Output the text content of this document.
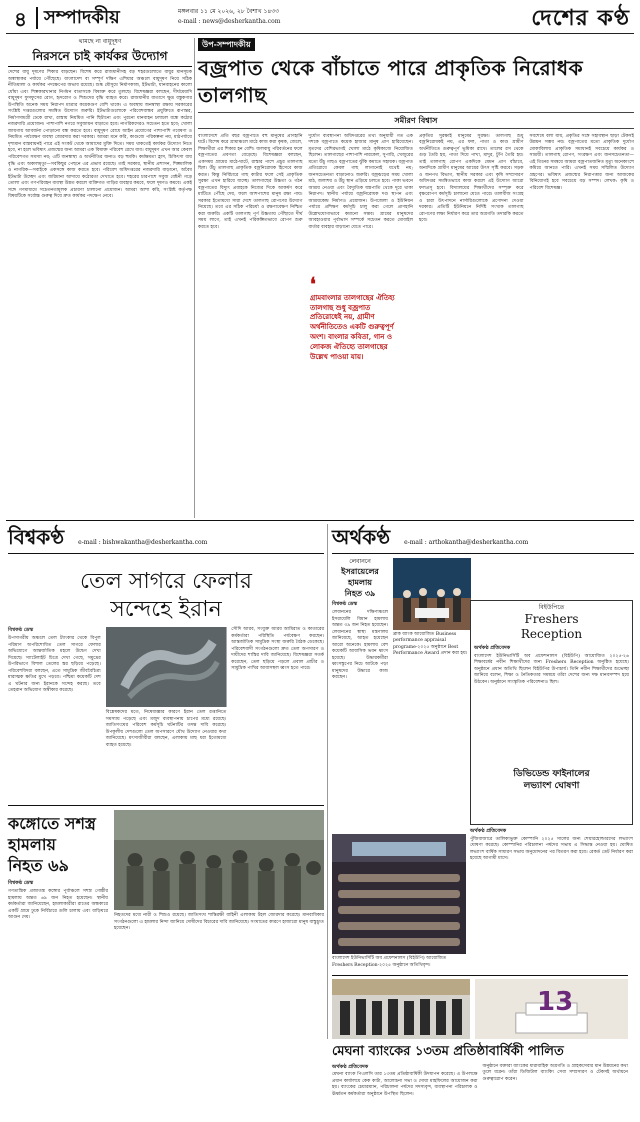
৪ সম্পাদকীয়	মঙ্গলবার ১১ মে ২০২৬, ২৮ বৈশাখ ১৪৩৩
e-mail : news@desherkantha.com	দেশের কণ্ঠ
থামছে না বায়ুদূষণ
নিরসনে চাই কার্যকর উদ্যোগ
দেশের বায়ু দূষণের শিকার বাড়ছেন। বিশেষ করে রাজধানীসহ বড় শহরগুলোতে বায়ুর মানসূচক অস্বাস্থ্যকর পর্যায়ে পৌঁছেছে। বাংলাদেশ বা সম্পূর্ণ দক্ষিণ এশিয়ার অঞ্চলে বায়ুদূষণ নিয়ে সঠিক নীতিমালা ও কার্যকর পদক্ষেপের অভাব রয়েছে। শুষ্ক মৌসুমে নির্মাণকাজ, ইটভাটা, যানবাহনের কালো ধোঁয়া এবং শিল্পকারখানার নির্গমন বাতাসকে বিষাক্ত করে তুলছে। বিশেষজ্ঞরা বলছেন, দীর্ঘমেয়াদি বায়ুদূষণ ফুসফুসের রোগ, হৃদরোগ ও শিশুদের বৃদ্ধি ব্যাহত করে। রাজধানীর বাতাসে ক্ষুদ্র বস্তুকণার উপস্থিতি অনেক সময় নিরাপদ মাত্রার কয়েকগুণ বেশি থাকে। এ অবস্থায় জনস্বাস্থ্য রক্ষায় সরকারের সংশ্লিষ্ট দপ্তরগুলোর সমন্বিত উদ্যোগ জরুরি। ইটভাটাগুলোকে পরিবেশবান্ধব প্রযুক্তিতে রূপান্তর, নির্মাণসামগ্রী ঢেকে রাখা, রাস্তায় নিয়মিত পানি ছিটানো এবং পুরনো যানবাহন চলাচল বন্ধে কঠোর নজরদারি প্রয়োজন। পাশাপাশি নগরে সবুজায়ন বাড়াতে হবে। নাগরিকদেরও সচেতন হতে হবে; খোলা জায়গায় আবর্জনা পোড়ানো বন্ধ করতে হবে। বায়ুদূষণ রোধে আইন প্রয়োগের পাশাপাশি গবেষণা ও নিয়মিত পর্যবেক্ষণ ব্যবস্থা জোরদার করা দরকার। আমরা মনে করি, কাগুজে পরিকল্পনা নয়, মাঠপর্যায়ে দৃশ্যমান বাস্তবায়নই পারে এই সংকট থেকে আমাদের মুক্তি দিতে। সময় থাকতেই কার্যকর উদ্যোগ নিতে হবে, না হলে ভবিষ্যৎ প্রজন্মের জন্য আমরা এক বিষাক্ত পরিবেশ রেখে যাব। বায়ুদূষণ এখন আর কেবল পরিবেশগত সমস্যা নয়; এটি জনস্বাস্থ্য ও অর্থনীতির জন্যও বড় হুমকি। কর্মক্ষমতা হ্রাস, চিকিৎসা ব্যয় বৃদ্ধি এবং অকালমৃত্যু—সবকিছুর পেছনে এর প্রভাব রয়েছে। তাই সরকার, স্থানীয় প্রশাসন, শিল্পমালিক ও নাগরিক—সবাইকে একসঙ্গে কাজ করতে হবে। পরিবেশ অধিদপ্তরের নজরদারি বাড়ানো, অবৈধ ইটভাটা উচ্ছেদ এবং জরিমানা আদায়ে কঠোরতা দেখাতে হবে। শহরের চারপাশে সবুজ বেষ্টনী গড়ে তোলা এবং গণপরিবহন ব্যবস্থা উন্নত করলে ব্যক্তিগত গাড়ির ব্যবহার কমবে, ফলে দূষণও কমবে। একই সঙ্গে গণমাধ্যমে সচেতনতামূলক প্রচারণা চালানো প্রয়োজন। আমরা আশা করি, সংশ্লিষ্ট কর্তৃপক্ষ বিষয়টিকে সর্বোচ্চ গুরুত্ব দিয়ে দ্রুত কার্যকর পদক্ষেপ নেবে।
উপ-সম্পাদকীয়
বজ্রপাত থেকে বাঁচাতে পারে প্রাকৃতিক নিরোধক তালগাছ
সমীরণ বিশ্বাস
বাংলাদেশে প্রতি বছর বজ্রপাতে বহু মানুষের প্রাণহানি ঘটে। বিশেষ করে গ্রামাঞ্চলে মাঠে কাজ করা কৃষক, জেলে, শিক্ষার্থীরা এর শিকার হন বেশি। জলবায়ু পরিবর্তনের ফলে বজ্রপাতের প্রবণতা বেড়েছে। বিশেষজ্ঞরা বলছেন, একসময় গ্রামের মাঠে-ঘাটে, রাস্তার পাশে প্রচুর তালগাছ ছিল। উঁচু তালগাছ প্রাকৃতিক বজ্রনিরোধক হিসেবে কাজ করত। কিন্তু নির্বিচারে গাছ কাটার ফলে সেই প্রাকৃতিক সুরক্ষা এখন হারিয়ে যাচ্ছে। তালগাছের উচ্চতা ও গঠন বজ্রপাতের বিদ্যুৎ প্রবাহকে নিজের দিকে আকর্ষণ করে মাটিতে পৌঁছে দেয়, ফলে আশপাশের মানুষ রক্ষা পায়। সরকার ইতোমধ্যে সারা দেশে তালগাছ রোপণের উদ্যোগ নিয়েছে। তবে এর সঠিক পরিচর্যা ও রক্ষণাবেক্ষণ নিশ্চিত করা জরুরি। একটি তালগাছ পূর্ণ উচ্চতায় পৌঁছাতে দীর্ঘ সময় লাগে, তাই এখনই পরিকল্পিতভাবে রোপণ শুরু করতে হবে।
দুর্যোগ ব্যবস্থাপনা অধিদপ্তরের তথ্য অনুযায়ী গত এক দশকে বজ্রপাতে কয়েক হাজার মানুষ প্রাণ হারিয়েছেন। মৃতদের বেশিরভাগই খোলা মাঠে কৃষিকাজে নিয়োজিত ছিলেন। তালগাছের পাশাপাশি নারকেল, সুপারি, খেজুরের মতো উঁচু গাছও বজ্রপাতের ঝুঁকি কমাতে সহায়ক। বজ্রপাত প্রতিরোধে কেবল গাছ লাগানোই যথেষ্ট নয়; জনসচেতনতা বাড়ানোও জরুরি। বজ্রঝড়ের সময় খোলা মাঠ, জলাশয় ও উঁচু স্থান এড়িয়ে চলতে হবে। পাকা ভবনে আশ্রয় নেওয়া এবং বৈদ্যুতিক যন্ত্রপাতি থেকে দূরে থাকা নিরাপদ। স্থানীয় পর্যায়ে বজ্রনিরোধক দণ্ড স্থাপন এবং আশ্রয়কেন্দ্র নির্মাণও প্রয়োজন। উপজেলা ও ইউনিয়ন পর্যায়ে প্রশিক্ষণ কর্মসূচি চালু করা গেলে প্রাণহানি উল্লেখযোগ্যভাবে কমানো সম্ভব। গ্রামের মানুষদের আবহাওয়ার পূর্বাভাস সম্পর্কে সচেতন করতে মোবাইল বার্তার ব্যবহার বাড়ানো যেতে পারে।
প্রকৃতির সুরক্ষাই মানুষের সুরক্ষা। তালগাছ শুধু বজ্রনিরোধকই নয়, এর ফল, পাতা ও কাণ্ড গ্রামীণ অর্থনীতিতে গুরুত্বপূর্ণ ভূমিকা রাখে। তালের রস থেকে গুড় তৈরি হয়, পাতা দিয়ে পাখা, মাদুর, টুপি তৈরি হয়। তাই তালগাছ রোপণ একদিকে যেমন প্রাণ বাঁচাবে, অন্যদিকে গ্রামীণ মানুষের আয়ের উৎস সৃষ্টি করবে। সড়ক ও জনপথ বিভাগ, স্থানীয় সরকার এবং কৃষি সম্প্রসারণ অধিদপ্তর সমন্বিতভাবে কাজ করলে এই উদ্যোগ আরো ফলপ্রসূ হবে। বিদ্যালয়ের শিক্ষার্থীদের সম্পৃক্ত করে বৃক্ষরোপণ কর্মসূচি চালানো যেতে পারে। তালবীজ সংগ্রহ ও চারা উৎপাদনে নার্সারিগুলোকে প্রণোদনা দেওয়া দরকার। প্রতিটি ইউনিয়নে নির্দিষ্ট সংখ্যক তালগাছ রোপণের লক্ষ্য নির্ধারণ করে তার অগ্রগতি তদারকি করতে হবে।
সবশেষে বলা যায়, প্রকৃতির সঙ্গে সহাবস্থান ছাড়া টেকসই উন্নয়ন সম্ভব নয়। বজ্রপাতের মতো প্রাকৃতিক দুর্যোগ মোকাবিলায় প্রাকৃতিক সমাধানই সবচেয়ে কার্যকর ও সাশ্রয়ী। তালগাছ রোপণ, সংরক্ষণ এবং জনসচেতনতা—এই তিনের সমন্বয়ে আমরা বজ্রপাতজনিত মৃত্যু অনেকাংশে কমিয়ে আনতে পারি। এখনই সময় সম্মিলিত উদ্যোগ গ্রহণের। ভবিষ্যৎ প্রজন্মের নিরাপত্তার জন্য আজকের বিনিয়োগই হবে সবচেয়ে বড় সম্পদ। লেখক: কৃষি ও পরিবেশ বিশেষজ্ঞ।
❛
গ্রামবাংলার তালগাছের ঐতিহ্য তালগাছ শুধু বজ্রপাত প্রতিরোধেই নয়, গ্রামীণ অর্থনীতিতেও একটি গুরুত্বপূর্ণ অংশ। বাংলার কবিতা, গান ও লোকজ ঐতিহ্যে তালগাছের উল্লেখ পাওয়া যায়।
বিশ্বকণ্ঠ e-mail : bishwakantha@desherkantha.com
তেল সাগরে ফেলার
সন্দেহে ইরান
বিশ্বকণ্ঠ ডেস্ক
উপসাগরীয় অঞ্চলে তেল ট্যাংকার থেকে বিপুল পরিমাণ অপরিশোধিত তেল সাগরে ফেলার অভিযোগে আন্তর্জাতিক মহলে উদ্বেগ দেখা দিয়েছে। স্যাটেলাইট চিত্রে দেখা গেছে, সমুদ্রের উপরিভাগে বিশাল তেলের স্তর ছড়িয়ে পড়েছে। পরিবেশবিদরা বলছেন, এতে সামুদ্রিক জীববৈচিত্র্য মারাত্মক ক্ষতির মুখে পড়বে। পশ্চিমা কয়েকটি দেশ এ ঘটনার জন্য ইরানকে সন্দেহ করছে। তবে তেহরান অভিযোগ অস্বীকার করেছে।
বিশ্লেষকদের মতে, নিষেধাজ্ঞার কারণে ইরান তেল রপ্তানিতে সমস্যায় পড়েছে এবং মজুদ ব্যবস্থাপনায় চাপের মধ্যে রয়েছে। জাতিসংঘের পরিবেশ কর্মসূচি ঘটনাটির তদন্ত দাবি করেছে। উপকূলীয় দেশগুলো তেল অপসারণে যৌথ উদ্যোগ নেওয়ার কথা জানিয়েছে। মৎস্যজীবীরা বলছেন, এলাকায় মাছ ধরা ইতোমধ্যে ব্যাহত হয়েছে।
সৌদি আরব, সংযুক্ত আরব আমিরাত ও কাতারের কর্মকর্তারা পরিস্থিতি পর্যবেক্ষণ করছেন। আন্তর্জাতিক সামুদ্রিক সংস্থা জরুরি বৈঠক ডেকেছে। পরিবেশবাদী সংগঠনগুলো দ্রুত তেল অপসারণ ও দায়ীদের শাস্তির দাবি জানিয়েছে। বিশেষজ্ঞরা সতর্ক করেছেন, তেল ছড়িয়ে পড়লে প্রবাল প্রাচীর ও সামুদ্রিক পাখির আবাসস্থল ধ্বংস হতে পারে।
কঙ্গোতে সশস্ত্র
হামলায়
নিহত ৬৯
বিশ্বকণ্ঠ ডেস্ক
গণতান্ত্রিক প্রজাতন্ত্র কঙ্গোর পূর্বাঞ্চলে সশস্ত্র গোষ্ঠীর হামলায় অন্তত ৬৯ জন নিহত হয়েছেন। স্থানীয় কর্মকর্তারা জানিয়েছেন, হামলাকারীরা রাতের অন্ধকারে একটি গ্রামে ঢুকে নির্বিচারে গুলি চালায় এবং বাড়িঘরে আগুন দেয়।	নিহতদের মধ্যে নারী ও শিশুও রয়েছে। জাতিসংঘ শান্তিরক্ষী বাহিনী এলাকায় টহল জোরদার করেছে। মানবাধিকার সংগঠনগুলো এ হামলার নিন্দা জানিয়ে দোষীদের বিচারের দাবি জানিয়েছে। সংঘাতের কারণে হাজারো মানুষ বাস্তুচ্যুত হয়েছেন।
অর্থকণ্ঠ e-mail : arthokantha@desherkantha.com
লেবাননে
ইসরায়েলের হামলায়
নিহত ৩৯
বিশ্বকণ্ঠ ডেস্ক
লেবাননের দক্ষিণাঞ্চলে ইসরায়েলি বিমান হামলায় অন্তত ৩৯ জন নিহত হয়েছেন। লেবাননের স্বাস্থ্য মন্ত্রণালয় জানিয়েছে, আহত হয়েছেন আরো অনেকে। হামলায় বেশ কয়েকটি আবাসিক ভবন ধ্বংস হয়েছে। উদ্ধারকর্মীরা ধ্বংসস্তূপের নিচে আটকে পড়া মানুষদের উদ্ধারে কাজ করছেন।
ব্রাক ব্যাংক আয়োজিত Business performance appraisal programe-২০২৫ অনুষ্ঠানে Best Performance Award প্রদান করা হয়।
বাংলাদেশ ইউনিভার্সিটি অব প্রফেশনালস (বিইউপি) আয়োজিত Freshers Reception-২০২৫ অনুষ্ঠানে অতিথিবৃন্দ।
13
মেঘনা ব্যাংকের ১৩তম প্রতিষ্ঠাবার্ষিকী পালিত
অর্থকণ্ঠ প্রতিবেদক
মেঘনা ব্যাংক পিএলসি তার ১৩তম প্রতিষ্ঠাবার্ষিকী উদযাপন করেছে। এ উপলক্ষে প্রধান কার্যালয়ে কেক কাটা, আলোচনা সভা ও দোয়া মাহফিলের আয়োজন করা হয়। ব্যাংকের চেয়ারম্যান, পরিচালনা পর্ষদের সদস্যবৃন্দ, ব্যবস্থাপনা পরিচালক ও ঊর্ধ্বতন কর্মকর্তারা অনুষ্ঠানে উপস্থিত ছিলেন।
অনুষ্ঠানে বক্তারা ব্যাংকের ধারাবাহিক অগ্রগতি ও গ্রাহকসেবার মান উন্নয়নের কথা তুলে ধরেন। তাঁরা ডিজিটাল ব্যাংকিং সেবা সম্প্রসারণ ও টেকসই অর্থায়নে গুরুত্বারোপ করেন।
বিইউপিতে
Freshers
Reception
অর্থকণ্ঠ প্রতিবেদক
বাংলাদেশ ইউনিভার্সিটি অব প্রফেশনালস (বিইউপি) আয়োজিত ২০২৫-২৬ শিক্ষাবর্ষের নবীন শিক্ষার্থীদের জন্য Freshers Reception অনুষ্ঠিত হয়েছে। অনুষ্ঠানে প্রধান অতিথি ছিলেন বিইউপির উপাচার্য। তিনি নবীন শিক্ষার্থীদের শুভেচ্ছা জানিয়ে বলেন, শিক্ষা ও নৈতিকতার সমন্বয়ে তাঁরা দেশের জন্য দক্ষ মানবসম্পদ হয়ে উঠবেন। অনুষ্ঠানে সাংস্কৃতিক পরিবেশনাও ছিল।
ডিভিডেন্ড ফাইনালের
লভ্যাংশ ঘোষণা
অর্থকণ্ঠ প্রতিবেদক
পুঁজিবাজারে তালিকাভুক্ত কোম্পানি ২০২৫ সালের জন্য শেয়ারহোল্ডারদের লভ্যাংশ ঘোষণা করেছে। কোম্পানির পরিচালনা পর্ষদের সভায় এ সিদ্ধান্ত নেওয়া হয়। ঘোষিত লভ্যাংশ বার্ষিক সাধারণ সভায় অনুমোদনের পর বিতরণ করা হবে। রেকর্ড ডেট নির্ধারণ করা হয়েছে আগামী মাসে।
